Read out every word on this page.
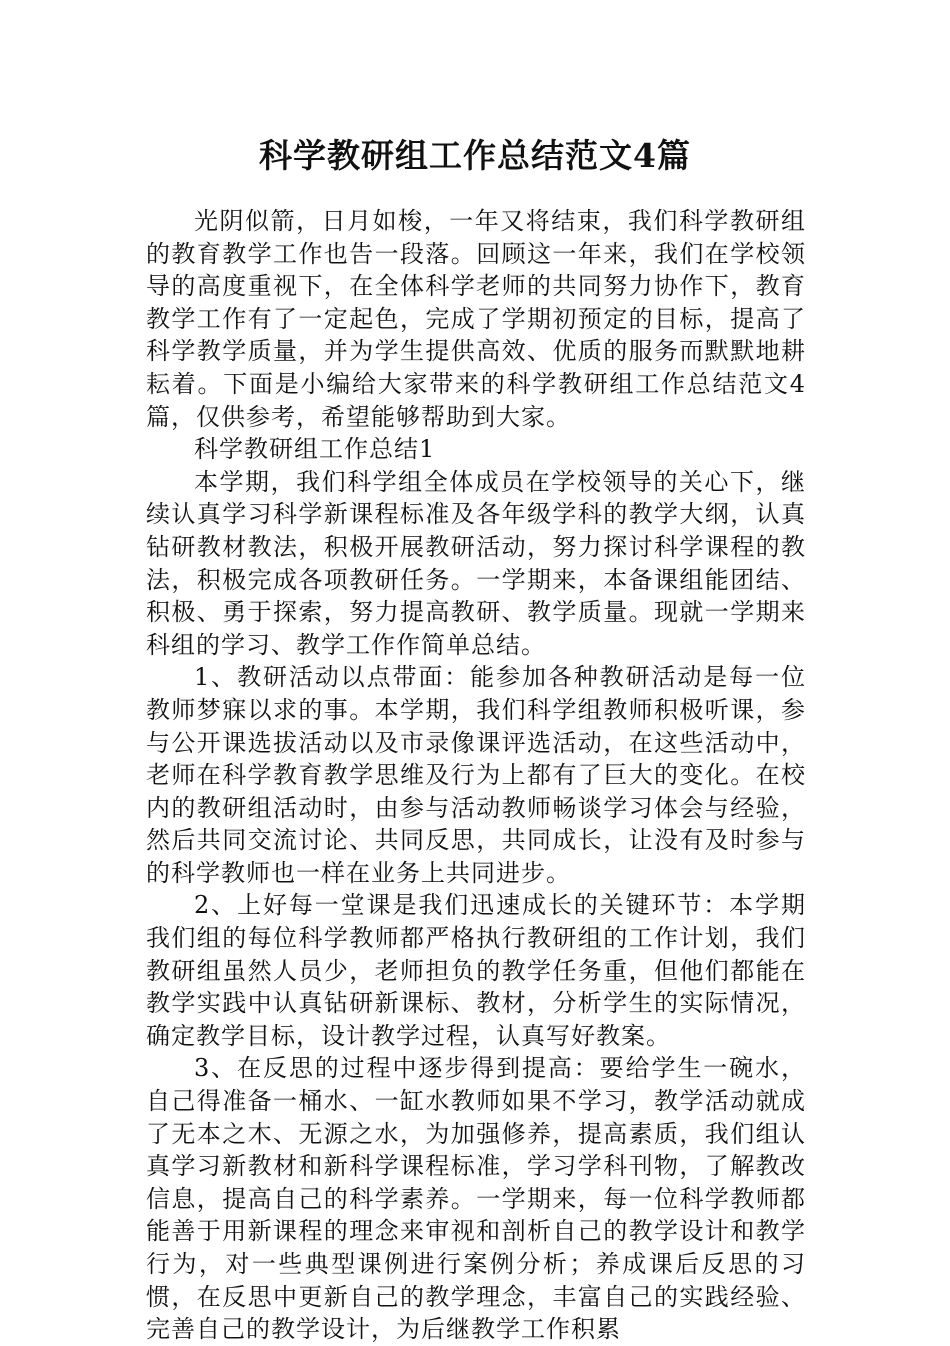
科学教研组工作总结范文4篇

光阴似箭，日月如梭，一年又将结束，我们科学教研组的教育教学工作也告一段落。回顾这一年来，我们在学校领导的高度重视下，在全体科学老师的共同努力协作下，教育教学工作有了一定起色，完成了学期初预定的目标，提高了科学教学质量，并为学生提供高效、优质的服务而默默地耕耘着。下面是小编给大家带来的科学教研组工作总结范文4篇，仅供参考，希望能够帮助到大家。

科学教研组工作总结1

本学期，我们科学组全体成员在学校领导的关心下，继续认真学习科学新课程标准及各年级学科的教学大纲，认真钻研教材教法，积极开展教研活动，努力探讨科学课程的教法，积极完成各项教研任务。一学期来，本备课组能团结、积极、勇于探索，努力提高教研、教学质量。现就一学期来科组的学习、教学工作作简单总结。

1、教研活动以点带面：能参加各种教研活动是每一位教师梦寐以求的事。本学期，我们科学组教师积极听课，参与公开课选拔活动以及市录像课评选活动，在这些活动中，老师在科学教育教学思维及行为上都有了巨大的变化。在校内的教研组活动时，由参与活动教师畅谈学习体会与经验，然后共同交流讨论、共同反思，共同成长，让没有及时参与的科学教师也一样在业务上共同进步。

2、上好每一堂课是我们迅速成长的关键环节：本学期我们组的每位科学教师都严格执行教研组的工作计划，我们教研组虽然人员少，老师担负的教学任务重，但他们都能在教学实践中认真钻研新课标、教材，分析学生的实际情况，确定教学目标，设计教学过程，认真写好教案。

3、在反思的过程中逐步得到提高：要给学生一碗水，自己得准备一桶水、一缸水教师如果不学习，教学活动就成了无本之木、无源之水，为加强修养，提高素质，我们组认真学习新教材和新科学课程标准，学习学科刊物，了解教改信息，提高自己的科学素养。一学期来，每一位科学教师都能善于用新课程的理念来审视和剖析自己的教学设计和教学行为，对一些典型课例进行案例分析；养成课后反思的习惯，在反思中更新自己的教学理念，丰富自己的实践经验、完善自己的教学设计，为后继教学工作积累
